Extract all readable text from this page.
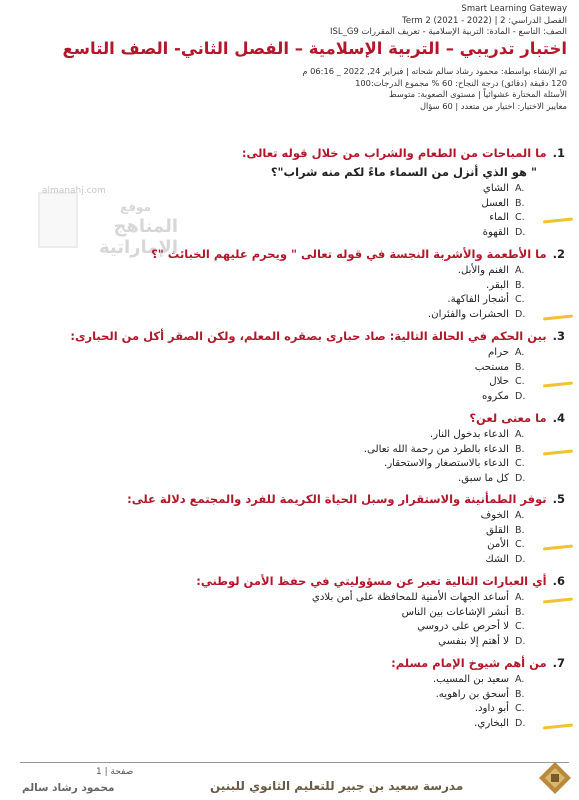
Smart Learning Gateway
الفصل الدراسي: 2 | Term 2 (2021 - 2022)
الصف: التاسع - المادة: التربية الإسلامية - تعريف المقررات ISL_G9
اختبار تدريبي – التربية الإسلامية – الفصل الثاني- الصف التاسع
تم الإنشاء بواسطة: محمود رشاد سالم شحاته | فبراير 24, 2022 _ 06:16 م
120 دقيقة (دقائق) درجة النجاح: 60 % مجموع الدرجات:100
الأسئلة المختارة عشوائياً | مستوى الصعوبة: متوسط
معايير الاختيار: اختيار من متعدد | 60 سؤال
almanahj.com
موقع
المناهج الإماراتية
1.
ما المباحات من الطعام والشراب من خلال قوله تعالى:
" هو الذي أنزل من السماء ماءً لكم منه شراب"؟
A.
الشاي
B.
العسل
C.
الماء
D.
القهوة
2.
ما الأطعمة والأشربة النجسة في قوله تعالى " ويحرم عليهم الخبائث "؟
A.
الغنم والأبل.
B.
البقر.
C.
أشجار الفاكهة.
D.
الحشرات والفئران.
3.
بين الحكم في الحالة التالية: صاد حبارى بصقره المعلم، ولكن الصقر أكل من الحبارى:
A.
حرام
B.
مستحب
C.
حلال
D.
مكروه
4.
ما معنى لعن؟
A.
الدعاء بدخول النار.
B.
الدعاء بالطرد من رحمة الله تعالى.
C.
الدعاء بالاستصغار والاستحقار.
D.
كل ما سبق.
5.
توفر الطمأنينة والاستقرار وسبل الحياة الكريمة للفرد والمجتمع دلالة على:
A.
الخوف
B.
القلق
C.
الأمن
D.
الشك
6.
أي العبارات التالية تعبر عن مسؤوليتي في حفظ الأمن لوطني:
A.
أساعد الجهات الأمنية للمحافظة على أمن بلادي
B.
أنشر الإشاعات بين الناس
C.
لا أحرص على دروسي
D.
لا أهتم إلا بنفسي
7.
من أهم شيوخ الإمام مسلم:
A.
سعيد بن المسيب.
B.
أسحق بن راهويه.
C.
أبو داود.
D.
البخاري.
صفحة | 1
محمود رشاد سالم	مدرسة سعيد بن جبير للتعليم الثانوي للبنين
